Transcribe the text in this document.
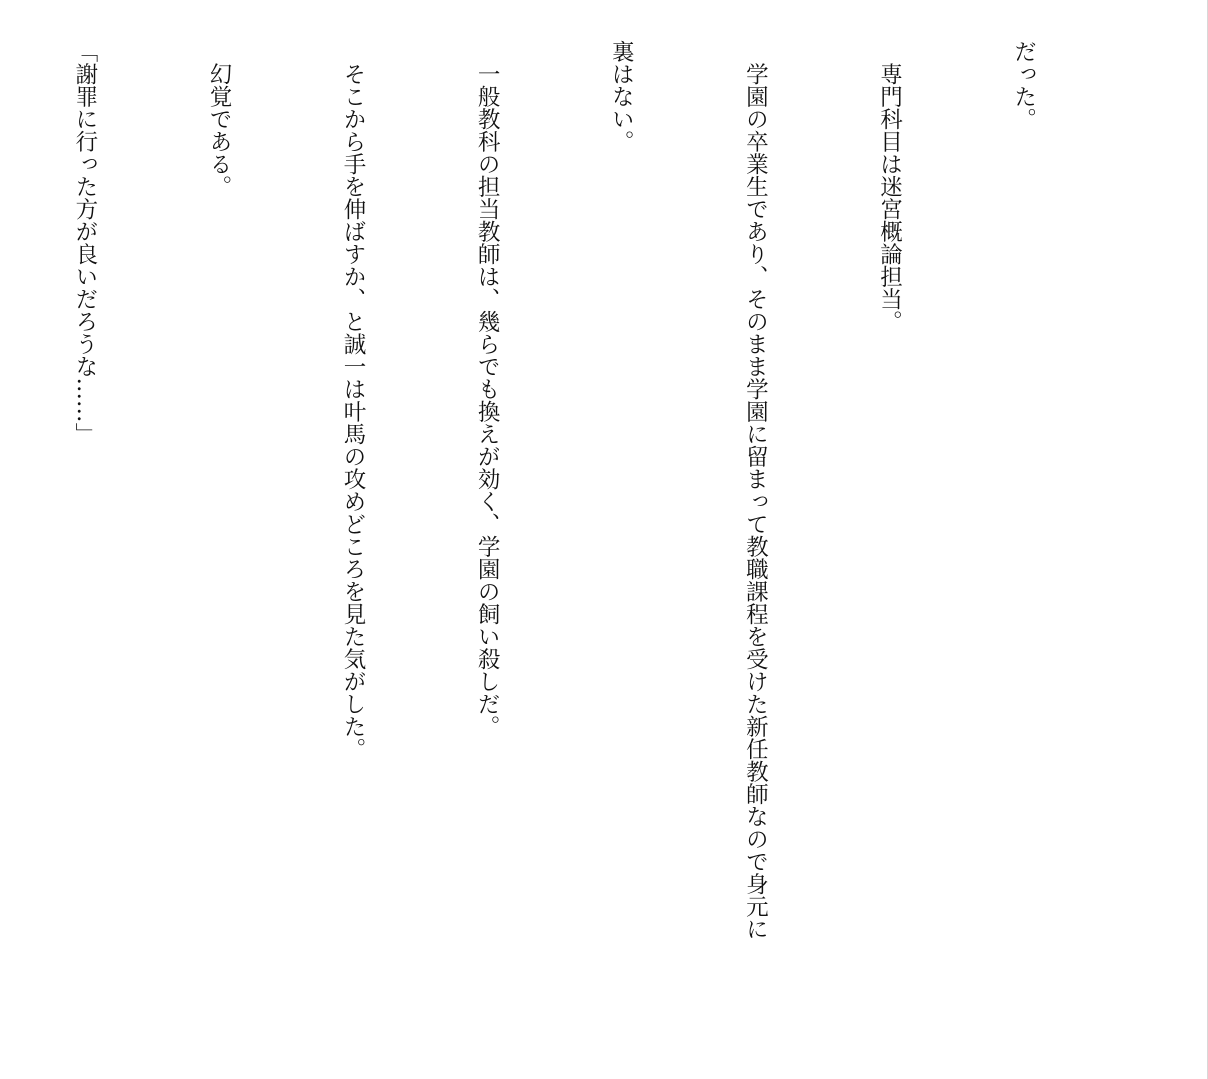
だった。

　専門科目は迷宮概論担当。

　学園の卒業生であり、そのまま学園に留まって教職課程を受けた新任教師なので身元に

裏はない。

　一般教科の担当教師は、幾らでも換えが効く、学園の飼い殺しだ。

　そこから手を伸ばすか、と誠一は叶馬の攻めどころを見た気がした。

　幻覚である。

「謝罪に行った方が良いだろうな……」
